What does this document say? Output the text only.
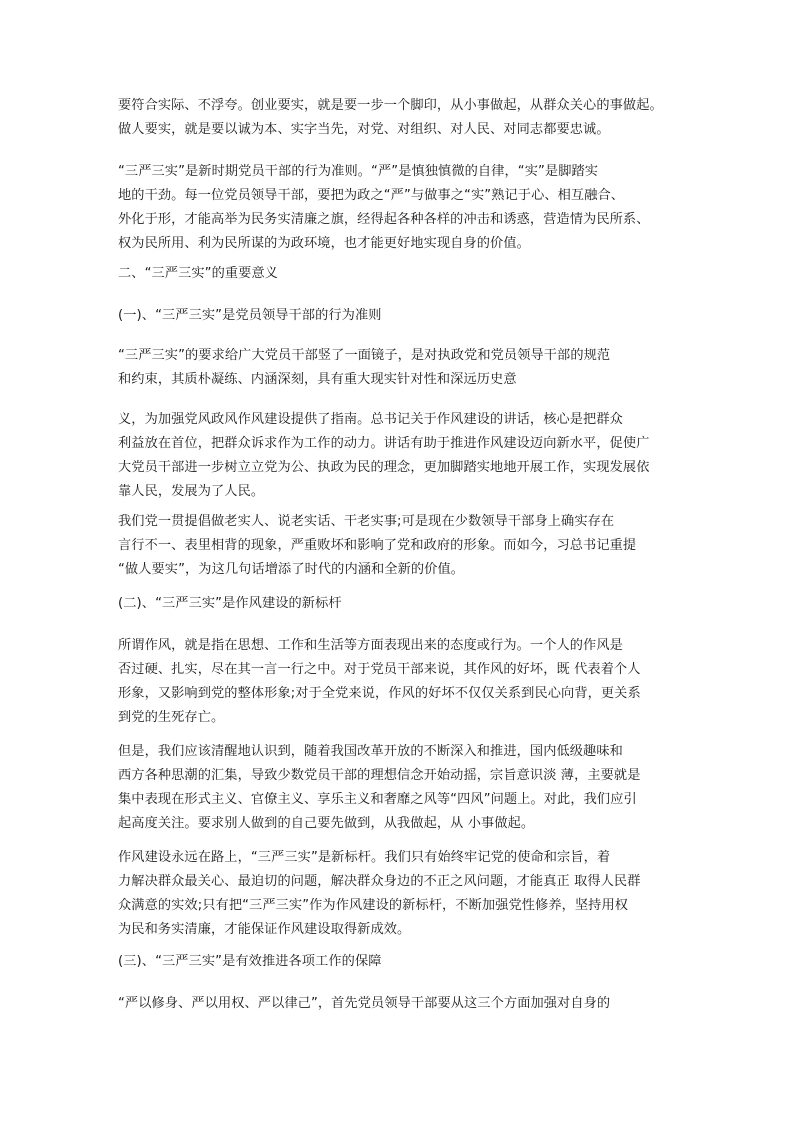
要符合实际、不浮夸。创业要实，就是要一步一个脚印，从小事做起，从群众关心的事做起。
做人要实，就是要以诚为本、实字当先，对党、对组织、对人民、对同志都要忠诚。
“三严三实”是新时期党员干部的行为准则。“严”是慎独慎微的自律，“实”是脚踏实
地的干劲。每一位党员领导干部，要把为政之“严”与做事之“实”熟记于心、相互融合、
外化于形，才能高举为民务实清廉之旗，经得起各种各样的冲击和诱惑，营造情为民所系、
权为民所用、利为民所谋的为政环境，也才能更好地实现自身的价值。
二、“三严三实”的重要意义
(一)、“三严三实”是党员领导干部的行为准则
“三严三实”的要求给广大党员干部竖了一面镜子，是对执政党和党员领导干部的规范
和约束，其质朴凝练、内涵深刻，具有重大现实针对性和深远历史意
义，为加强党风政风作风建设提供了指南。总书记关于作风建设的讲话，核心是把群众
利益放在首位，把群众诉求作为工作的动力。讲话有助于推进作风建设迈向新水平，促使广
大党员干部进一步树立立党为公、执政为民的理念，更加脚踏实地地开展工作，实现发展依
靠人民，发展为了人民。
我们党一贯提倡做老实人、说老实话、干老实事;可是现在少数领导干部身上确实存在
言行不一、表里相背的现象，严重败坏和影响了党和政府的形象。而如今，习总书记重提
“做人要实”，为这几句话增添了时代的内涵和全新的价值。
(二)、“三严三实”是作风建设的新标杆
所谓作风，就是指在思想、工作和生活等方面表现出来的态度或行为。一个人的作风是
否过硬、扎实，尽在其一言一行之中。对于党员干部来说，其作风的好坏，既 代表着个人
形象，又影响到党的整体形象;对于全党来说，作风的好坏不仅仅关系到民心向背，更关系
到党的生死存亡。
但是，我们应该清醒地认识到，随着我国改革开放的不断深入和推进，国内低级趣味和
西方各种思潮的汇集，导致少数党员干部的理想信念开始动摇，宗旨意识淡 薄，主要就是
集中表现在形式主义、官僚主义、享乐主义和奢靡之风等“四风”问题上。对此，我们应引
起高度关注。要求别人做到的自己要先做到，从我做起，从 小事做起。
作风建设永远在路上，“三严三实”是新标杆。我们只有始终牢记党的使命和宗旨，着
力解决群众最关心、最迫切的问题，解决群众身边的不正之风问题，才能真正 取得人民群
众满意的实效;只有把“三严三实”作为作风建设的新标杆，不断加强党性修养，坚持用权
为民和务实清廉，才能保证作风建设取得新成效。
(三)、“三严三实”是有效推进各项工作的保障
“严以修身、严以用权、严以律己”，首先党员领导干部要从这三个方面加强对自身的
